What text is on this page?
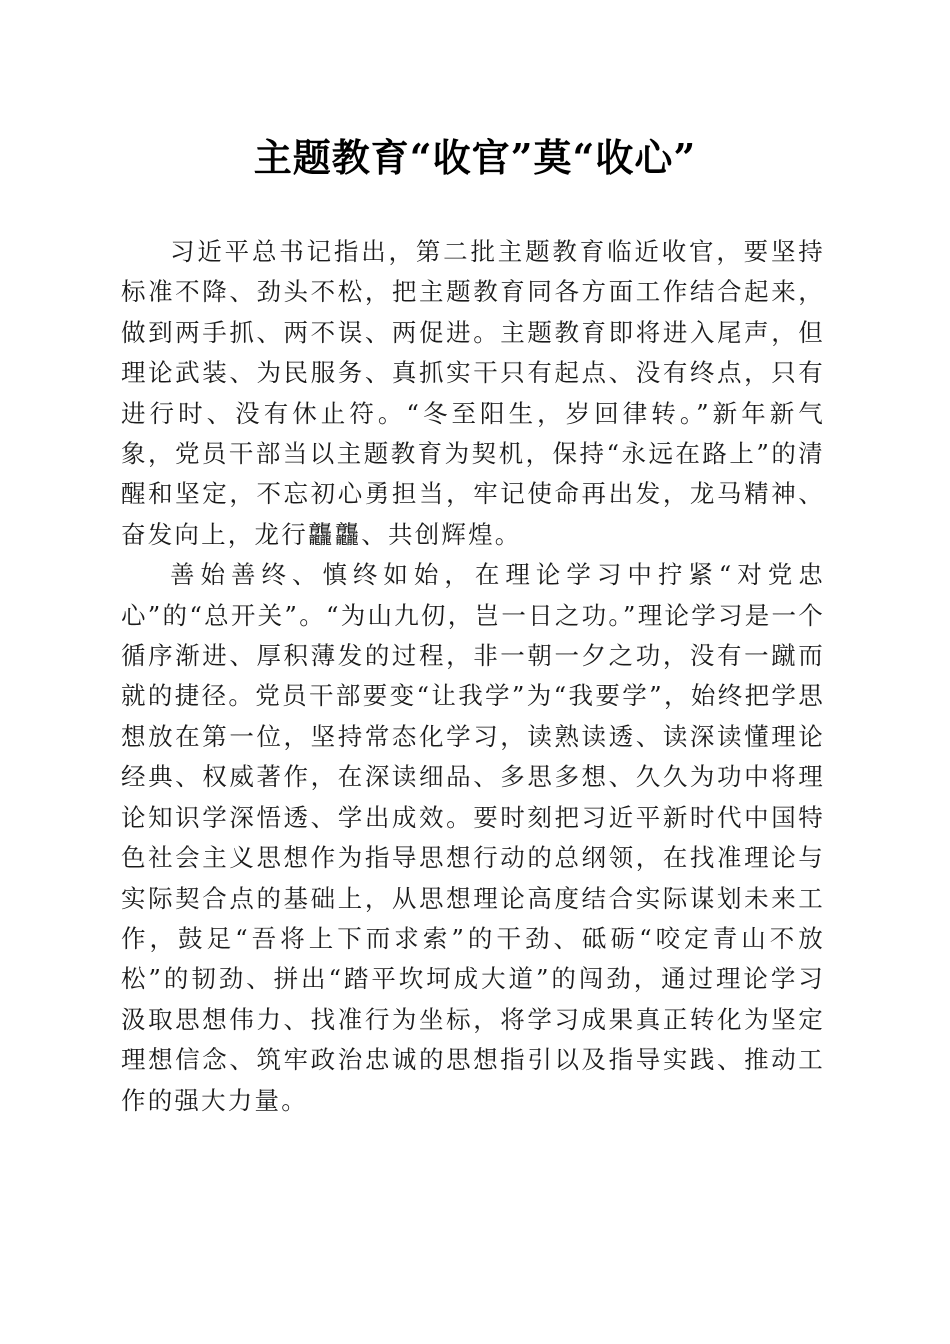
主题教育“收官”莫“收心”

习近平总书记指出，第二批主题教育临近收官，要坚持标准不降、劲头不松，把主题教育同各方面工作结合起来，做到两手抓、两不误、两促进。主题教育即将进入尾声，但理论武装、为民服务、真抓实干只有起点、没有终点，只有进行时、没有休止符。“冬至阳生，岁回律转。”新年新气象，党员干部当以主题教育为契机，保持“永远在路上”的清醒和坚定，不忘初心勇担当，牢记使命再出发，龙马精神、奋发向上，龙行龘龘、共创辉煌。

善始善终、慎终如始，在理论学习中拧紧“对党忠心”的“总开关”。“为山九仞，岂一日之功。”理论学习是一个循序渐进、厚积薄发的过程，非一朝一夕之功，没有一蹴而就的捷径。党员干部要变“让我学”为“我要学”，始终把学思想放在第一位，坚持常态化学习，读熟读透、读深读懂理论经典、权威著作，在深读细品、多思多想、久久为功中将理论知识学深悟透、学出成效。要时刻把习近平新时代中国特色社会主义思想作为指导思想行动的总纲领，在找准理论与实际契合点的基础上，从思想理论高度结合实际谋划未来工作，鼓足“吾将上下而求索”的干劲、砥砺“咬定青山不放松”的韧劲、拼出“踏平坎坷成大道”的闯劲，通过理论学习汲取思想伟力、找准行为坐标，将学习成果真正转化为坚定理想信念、筑牢政治忠诚的思想指引以及指导实践、推动工作的强大力量。
